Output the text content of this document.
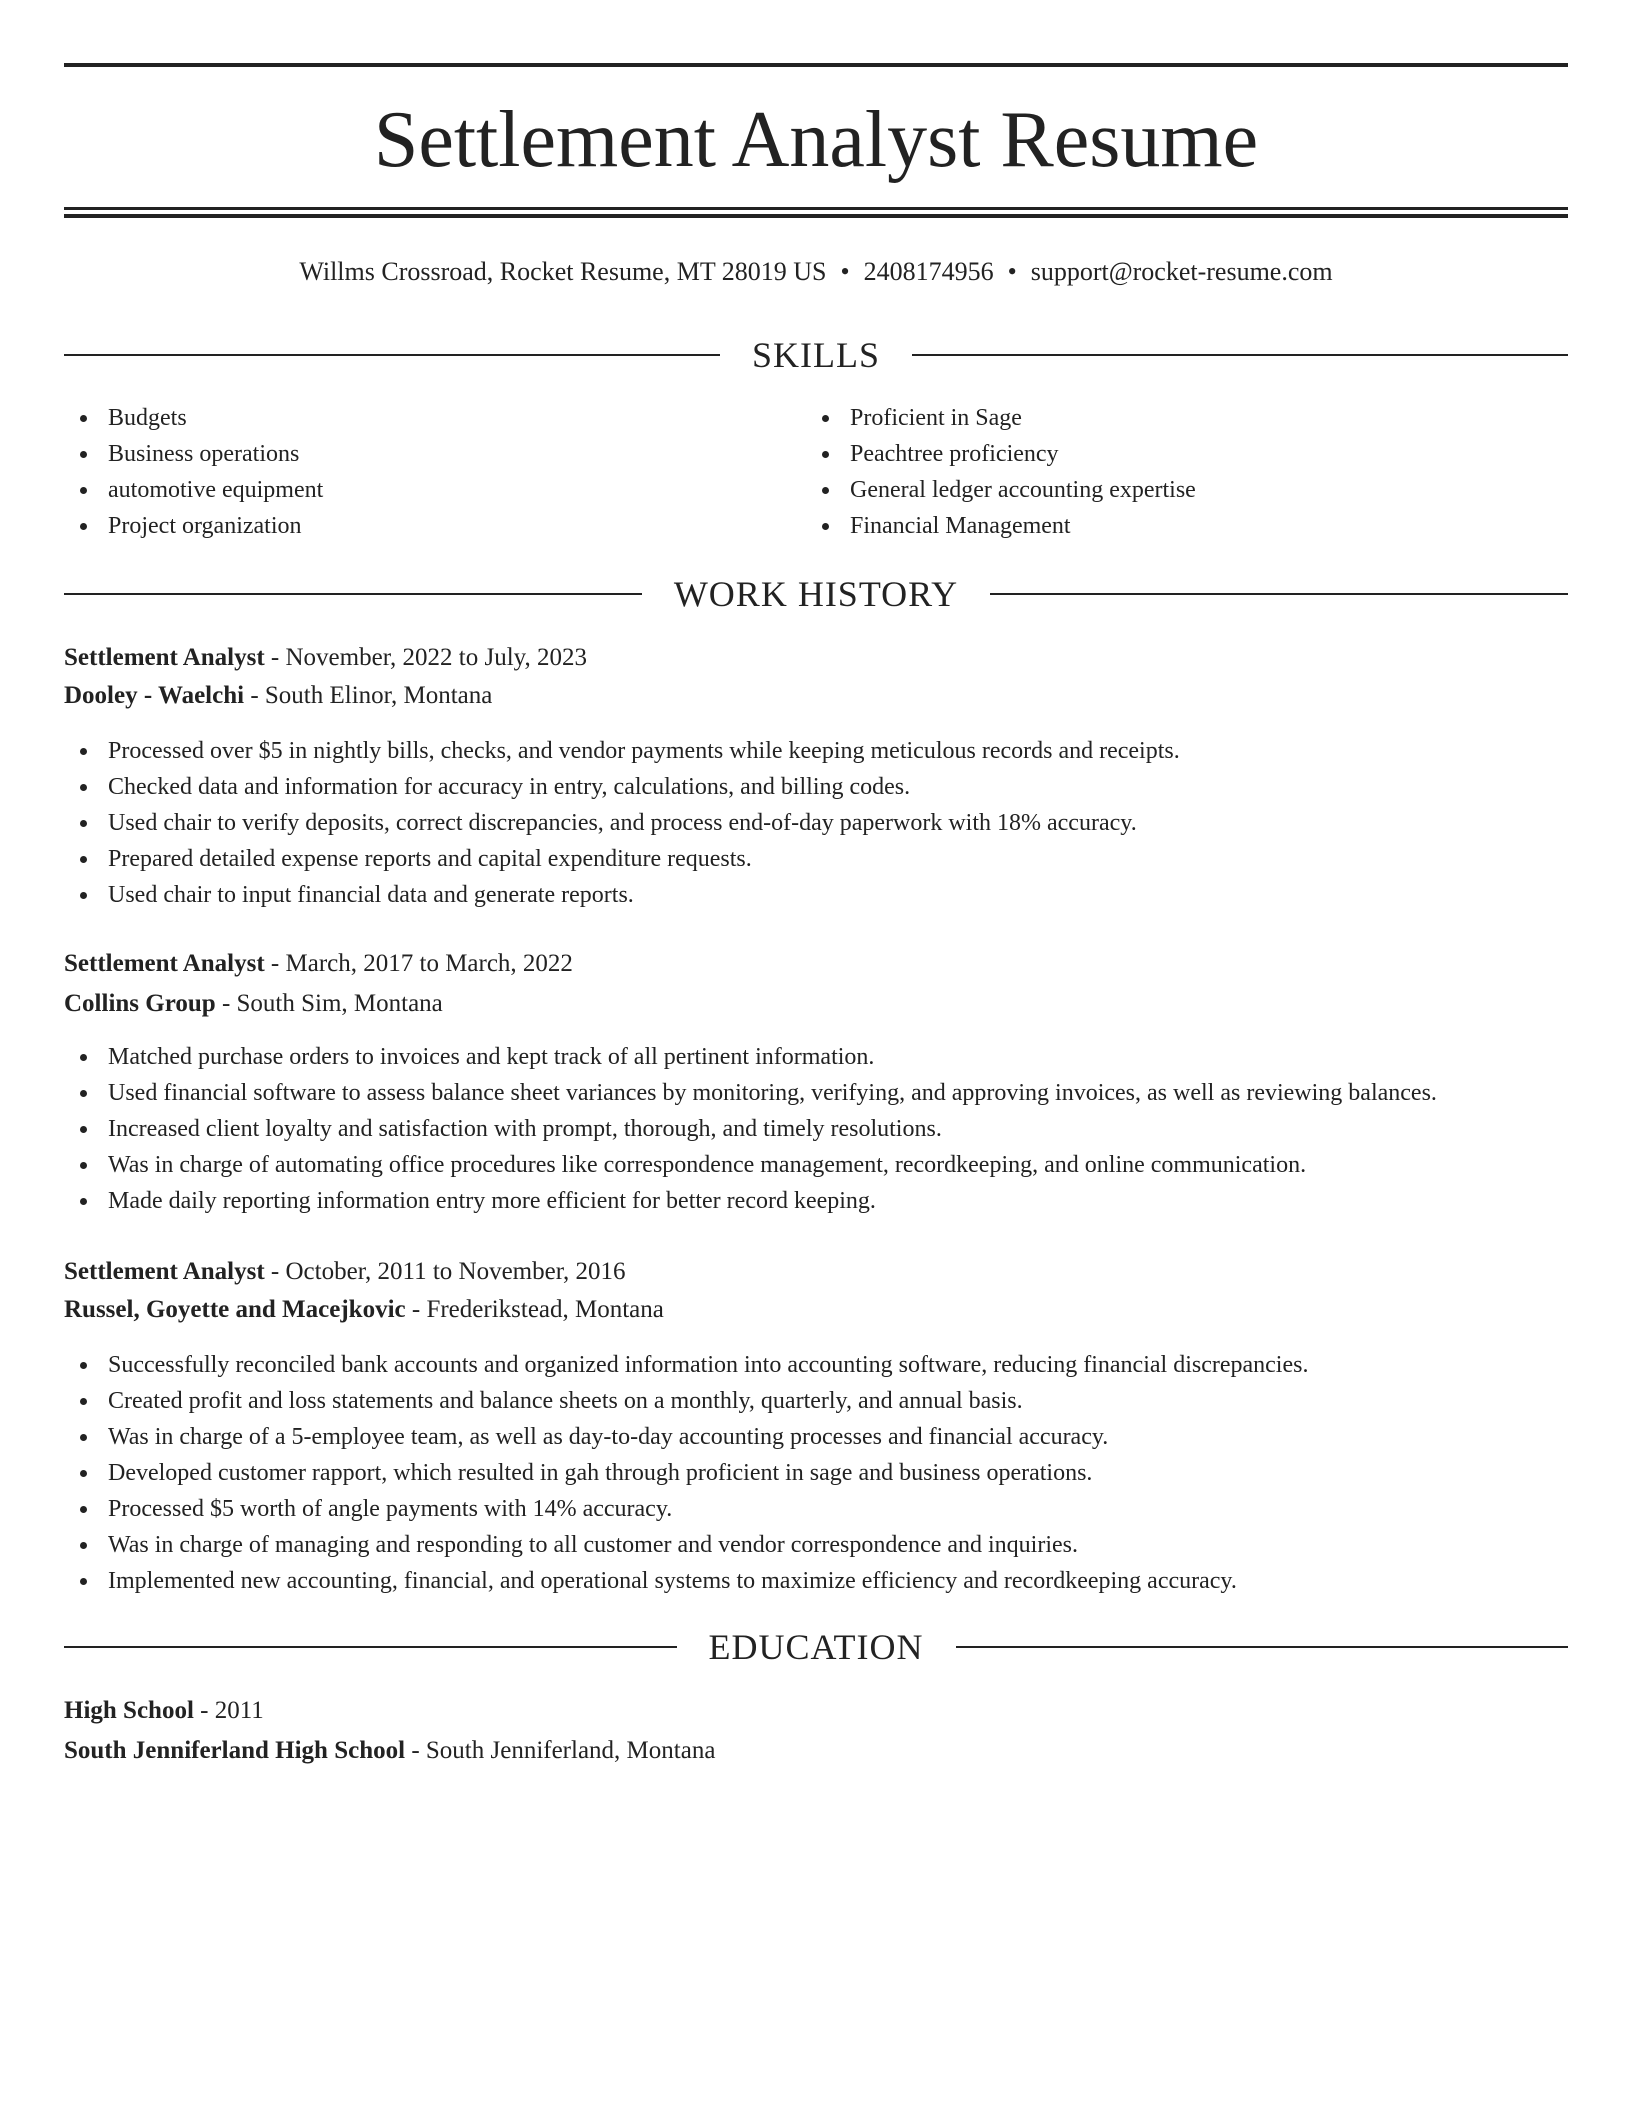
Settlement Analyst Resume
Willms Crossroad, Rocket Resume, MT 28019 US • 2408174956 • support@rocket-resume.com
SKILLS
Budgets
Business operations
automotive equipment
Project organization
Proficient in Sage
Peachtree proficiency
General ledger accounting expertise
Financial Management
WORK HISTORY
Settlement Analyst - November, 2022 to July, 2023
Dooley - Waelchi - South Elinor, Montana
Processed over $5 in nightly bills, checks, and vendor payments while keeping meticulous records and receipts.
Checked data and information for accuracy in entry, calculations, and billing codes.
Used chair to verify deposits, correct discrepancies, and process end-of-day paperwork with 18% accuracy.
Prepared detailed expense reports and capital expenditure requests.
Used chair to input financial data and generate reports.
Settlement Analyst - March, 2017 to March, 2022
Collins Group - South Sim, Montana
Matched purchase orders to invoices and kept track of all pertinent information.
Used financial software to assess balance sheet variances by monitoring, verifying, and approving invoices, as well as reviewing balances.
Increased client loyalty and satisfaction with prompt, thorough, and timely resolutions.
Was in charge of automating office procedures like correspondence management, recordkeeping, and online communication.
Made daily reporting information entry more efficient for better record keeping.
Settlement Analyst - October, 2011 to November, 2016
Russel, Goyette and Macejkovic - Frederikstead, Montana
Successfully reconciled bank accounts and organized information into accounting software, reducing financial discrepancies.
Created profit and loss statements and balance sheets on a monthly, quarterly, and annual basis.
Was in charge of a 5-employee team, as well as day-to-day accounting processes and financial accuracy.
Developed customer rapport, which resulted in gah through proficient in sage and business operations.
Processed $5 worth of angle payments with 14% accuracy.
Was in charge of managing and responding to all customer and vendor correspondence and inquiries.
Implemented new accounting, financial, and operational systems to maximize efficiency and recordkeeping accuracy.
EDUCATION
High School - 2011
South Jenniferland High School - South Jenniferland, Montana
